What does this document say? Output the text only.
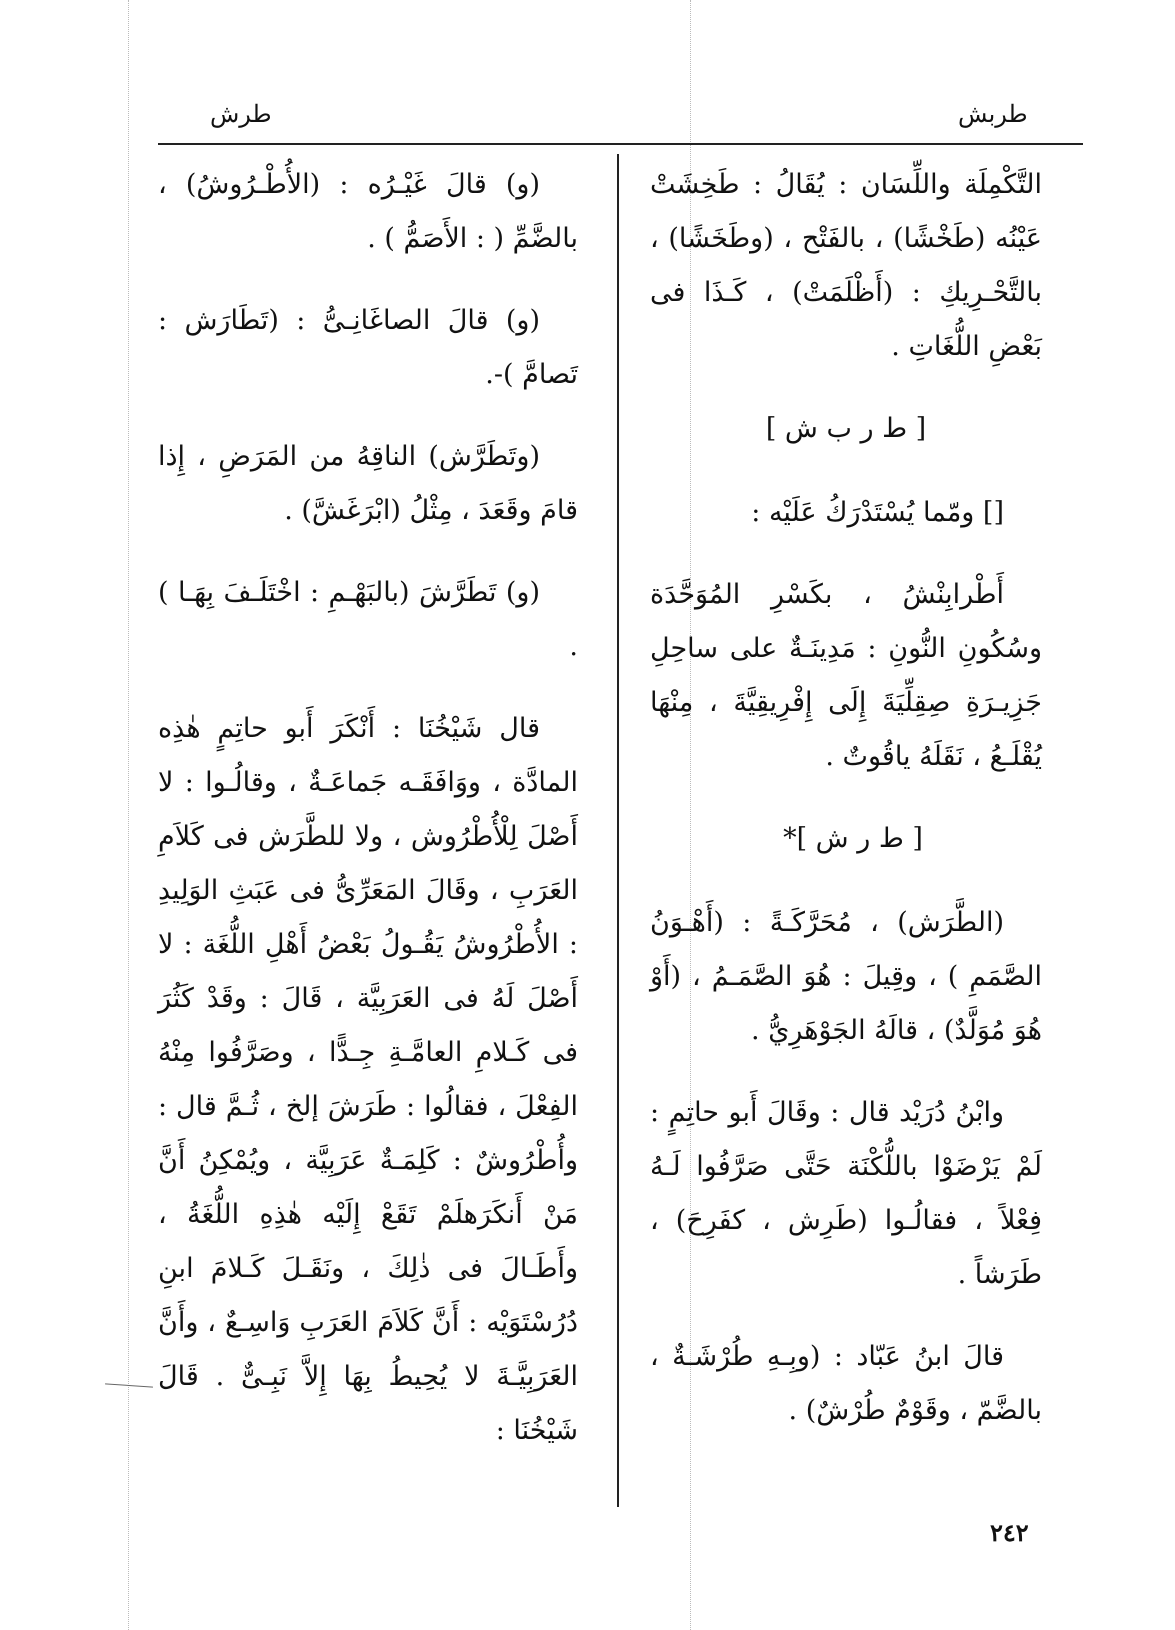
طربش
طرش

التَّكْمِلَة واللِّسَان : يُقَالُ : طَخِشَتْ عَيْنُه (طَخْشًا) ، بالفَتْح ، (وطَخَشًا) ، بالتَّحْـرِيكِ : (أَظْلَمَتْ) ، كَـذَا فى بَعْضِ اللُّغَاتِ .

[ ط ر ب ش ]

[] ومّما يُسْتَدْرَكُ عَلَيْه :

أَطْرابِنْشُ ، بكَسْرِ المُوَحَّدَة وسُكُونِ النُّونِ : مَدِينَـةٌ على ساحِلِ جَزِيـرَةِ صِقِلِّيَةَ إِلَى إِفْرِيقِيَّةَ ، مِنْهَا يُقْلَـعُ ، نَقَلَهُ ياقُوتٌ .

[ ط ر ش ]*

(الطَّرَش) ، مُحَرَّكَـةً : (أَهْـوَنُ الصَّمَمِ ) ، وقِيلَ : هُوَ الصَّمَـمُ ، (أَوْ هُوَ مُوَلَّدٌ) ، قالَهُ الجَوْهَرِيُّ .

وابْنُ دُرَيْد قال : وقَالَ أَبو حاتِمٍ : لَمْ يَرْضَوْا باللُّكْنَة حَتَّى صَرَّفُوا لَـهُ فِعْلاً ، فقالُـوا (طَرِش ، كفَرِحَ) ، طَرَشاً .

قالَ ابنُ عَبّاد : (وبِـهِ طُرْشَـةٌ ، بالضَّمّ ، وقَوْمٌ طُرْشٌ) .

(و) قالَ غَيْـرُه : (الأُطْـرُوشُ) ، بالضَّمِّ ( : الأَصَمُّ ) .

(و) قالَ الصاغَانِـىُّ : (تَطَارَش : تَصامَّ )-.

(وتَطَرَّش) الناقِهُ من المَرَضِ ، إِذا قامَ وقَعَدَ ، مِثْلُ (ابْرَغَشَّ) .

(و) تَطَرَّشَ (بالبَهْـمِ : اخْتَلَـفَ بِهَـا ) .

قال شَيْخُنَا : أَنْكَرَ أَبو حاتِمٍ هٰذِه المادَّة ، ووَافَقَـه جَماعَـةٌ ، وقالُـوا : لا أَصْلَ لِلْأُطْرُوش ، ولا للطَّرَش فى كَلاَمِ العَرَبِ ، وقَالَ المَعَرِّىُّ فى عَبَثِ الوَلِيدِ : الأُطْرُوشُ يَقُـولُ بَعْضُ أَهْلِ اللُّغَة : لا أَصْلَ لَهُ فى العَرَبِيَّة ، قَالَ : وقَدْ كَثُرَ فى كَـلامِ العامَّـةِ جِـدًّا ، وصَرَّفُوا مِنْهُ الفِعْلَ ، فقالُوا : طَرَشَ إلخ ، ثُـمَّ قال : وأُطْرُوشٌ : كَلِمَـةٌ عَرَبِيَّة ، ويُمْكِنُ أَنَّ مَنْ أَنكَرَهلَمْ تَقَعْ إِلَيْه هٰذِهِ اللُّغَةُ ، وأَطَـالَ فى ذٰلِكَ ، ونَقَـلَ كَـلامَ ابنِ دُرُسْتَوَيْه : أَنَّ كَلاَمَ العَرَبِ وَاسِـعٌ ، وأَنَّ العَرَبِيَّـةَ لا يُحِيطُ بِهَا إِلاَّ نَبِـىٌّ . قَالَ شَيْخُنَا :

٢٤٢
